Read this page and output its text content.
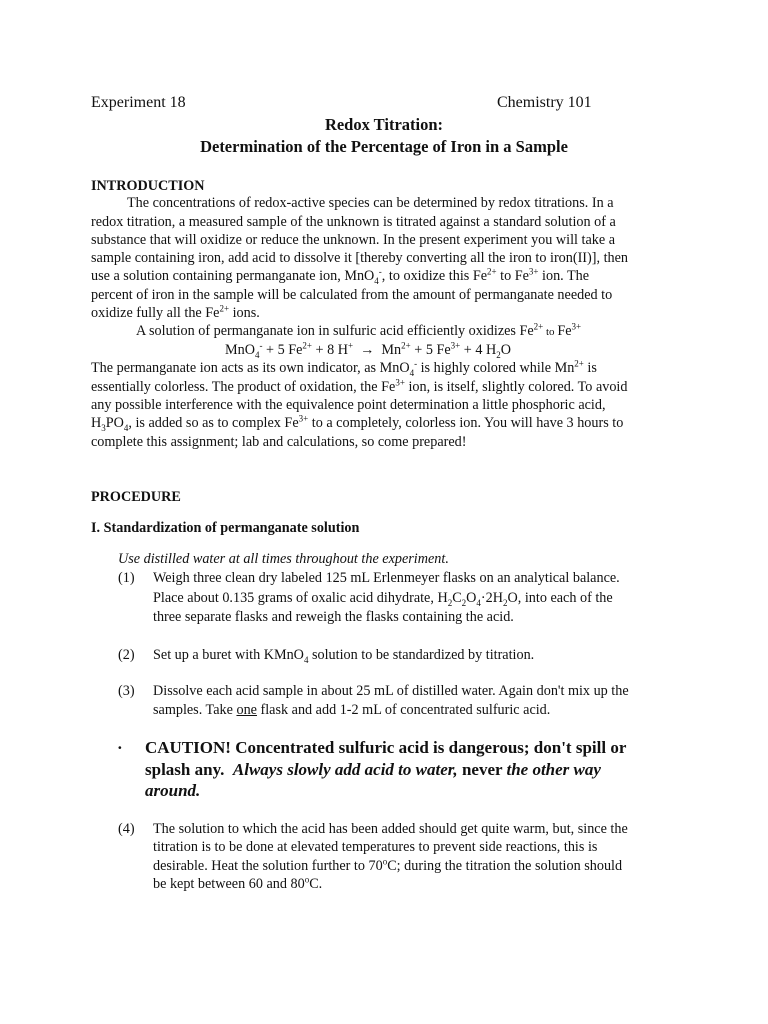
Experiment 18	Chemistry 101
Redox Titration:
Determination of the Percentage of Iron in a Sample
INTRODUCTION
The concentrations of redox-active species can be determined by redox titrations. In a
redox titration, a measured sample of the unknown is titrated against a standard solution of a
substance that will oxidize or reduce the unknown. In the present experiment you will take a
sample containing iron, add acid to dissolve it [thereby converting all the iron to iron(II)], then
use a solution containing permanganate ion, MnO$_4$-, to oxidize this $Fe^{2+}$ to $Fe^{3+}$ ion. The
percent of iron in the sample will be calculated from the amount of permanganate needed to
oxidize fully all the $Fe^{2+}$ ions.
A solution of permanganate ion in sulfuric acid efficiently oxidizes $Fe^{2+}$ to $Fe^{3+}$
MnO$_4$- + 5 $Fe^{2+} + 8$ $H^+ \to Mn^{2+} + 5$ $Fe^{3+} + 4$ $H_2O$
The permanganate ion acts as its own indicator, as MnO$_4$- is highly colored while $Mn^{2+}$ is
essentially colorless. The product of oxidation, the $Fe^{3+}$ ion, is itself, slightly colored. To avoid
any possible interference with the equivalence point determination a little phosphoric acid,
$H_3PO_4$, is added so as to complex $Fe^{3+}$ to a completely, colorless ion. You will have 3 hours to
complete this assignment; lab and calculations, so come prepared!
PROCEDURE
I. Standardization of permanganate solution
Use distilled water at all times throughout the experiment.
(1) Weigh three clean dry labeled 125 mL Erlenmeyer flasks on an analytical balance.
Place about 0.135 grams of oxalic acid dihydrate, $H_2C_2O_4\cdot 2H_2O$, into each of the
three separate flasks and reweigh the flasks containing the acid.
(2) Set up a buret with KMnO$_4$ solution to be standardized by titration.
(3) Dissolve each acid sample in about 25 mL of distilled water. Again don't mix up the
samples. Take one flask and add 1-2 mL of concentrated sulfuric acid.
· CAUTION! Concentrated sulfuric acid is dangerous; don't spill or
splash any.  Always slowly add acid to water, never the other way
around.
(4) The solution to which the acid has been added should get quite warm, but, since the
titration is to be done at elevated temperatures to prevent side reactions, this is
desirable. Heat the solution further to 70$^o$C; during the titration the solution should
be kept between 60 and 80$^o$C.
